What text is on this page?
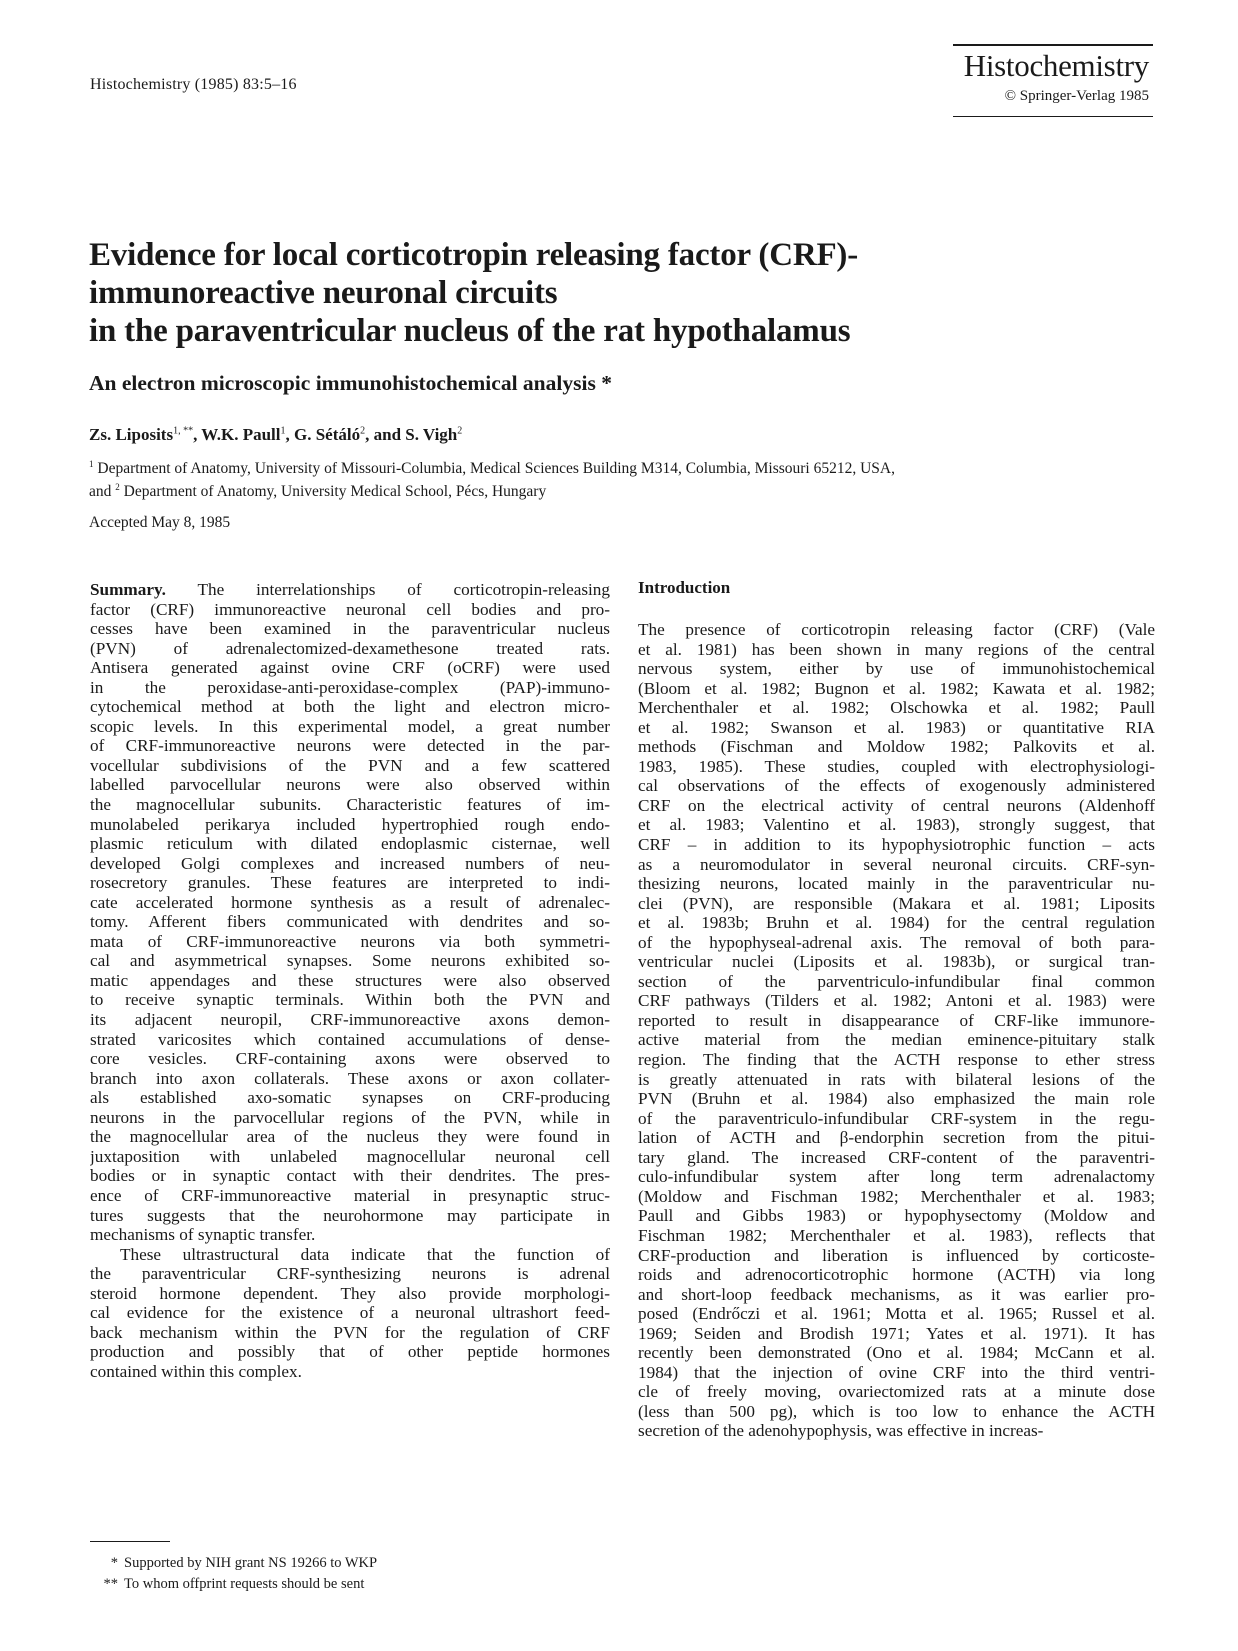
Histochemistry (1985) 83:5–16
Histochemistry
© Springer-Verlag 1985
Evidence for local corticotropin releasing factor (CRF)-
immunoreactive neuronal circuits
in the paraventricular nucleus of the rat hypothalamus
An electron microscopic immunohistochemical analysis *
Zs. Liposits$^{1, **}$, W.K. Paull$^1$, G. Sétáló$^2$, and S. Vigh$^2$
$^1$ Department of Anatomy, University of Missouri-Columbia, Medical Sciences Building M314, Columbia, Missouri 65212, USA,
and $^2$ Department of Anatomy, University Medical School, Pécs, Hungary
Accepted May 8, 1985
Summary. The interrelationships of corticotropin-releasing
factor (CRF) immunoreactive neuronal cell bodies and pro-
cesses have been examined in the paraventricular nucleus
(PVN) of adrenalectomized-dexamethesone treated rats.
Antisera generated against ovine CRF (oCRF) were used
in the peroxidase-anti-peroxidase-complex (PAP)-immuno-
cytochemical method at both the light and electron micro-
scopic levels. In this experimental model, a great number
of CRF-immunoreactive neurons were detected in the par-
vocellular subdivisions of the PVN and a few scattered
labelled parvocellular neurons were also observed within
the magnocellular subunits. Characteristic features of im-
munolabeled perikarya included hypertrophied rough endo-
plasmic reticulum with dilated endoplasmic cisternae, well
developed Golgi complexes and increased numbers of neu-
rosecretory granules. These features are interpreted to indi-
cate accelerated hormone synthesis as a result of adrenalec-
tomy. Afferent fibers communicated with dendrites and so-
mata of CRF-immunoreactive neurons via both symmetri-
cal and asymmetrical synapses. Some neurons exhibited so-
matic appendages and these structures were also observed
to receive synaptic terminals. Within both the PVN and
its adjacent neuropil, CRF-immunoreactive axons demon-
strated varicosites which contained accumulations of dense-
core vesicles. CRF-containing axons were observed to
branch into axon collaterals. These axons or axon collater-
als established axo-somatic synapses on CRF-producing
neurons in the parvocellular regions of the PVN, while in
the magnocellular area of the nucleus they were found in
juxtaposition with unlabeled magnocellular neuronal cell
bodies or in synaptic contact with their dendrites. The pres-
ence of CRF-immunoreactive material in presynaptic struc-
tures suggests that the neurohormone may participate in
mechanisms of synaptic transfer.
These ultrastructural data indicate that the function of
the paraventricular CRF-synthesizing neurons is adrenal
steroid hormone dependent. They also provide morphologi-
cal evidence for the existence of a neuronal ultrashort feed-
back mechanism within the PVN for the regulation of CRF
production and possibly that of other peptide hormones
contained within this complex.
Introduction
The presence of corticotropin releasing factor (CRF) (Vale
et al. 1981) has been shown in many regions of the central
nervous system, either by use of immunohistochemical
(Bloom et al. 1982; Bugnon et al. 1982; Kawata et al. 1982;
Merchenthaler et al. 1982; Olschowka et al. 1982; Paull
et al. 1982; Swanson et al. 1983) or quantitative RIA
methods (Fischman and Moldow 1982; Palkovits et al.
1983, 1985). These studies, coupled with electrophysiologi-
cal observations of the effects of exogenously administered
CRF on the electrical activity of central neurons (Aldenhoff
et al. 1983; Valentino et al. 1983), strongly suggest, that
CRF – in addition to its hypophysiotrophic function – acts
as a neuromodulator in several neuronal circuits. CRF-syn-
thesizing neurons, located mainly in the paraventricular nu-
clei (PVN), are responsible (Makara et al. 1981; Liposits
et al. 1983b; Bruhn et al. 1984) for the central regulation
of the hypophyseal-adrenal axis. The removal of both para-
ventricular nuclei (Liposits et al. 1983b), or surgical tran-
section of the parventriculo-infundibular final common
CRF pathways (Tilders et al. 1982; Antoni et al. 1983) were
reported to result in disappearance of CRF-like immunore-
active material from the median eminence-pituitary stalk
region. The finding that the ACTH response to ether stress
is greatly attenuated in rats with bilateral lesions of the
PVN (Bruhn et al. 1984) also emphasized the main role
of the paraventriculo-infundibular CRF-system in the regu-
lation of ACTH and β-endorphin secretion from the pitui-
tary gland. The increased CRF-content of the paraventri-
culo-infundibular system after long term adrenalactomy
(Moldow and Fischman 1982; Merchenthaler et al. 1983;
Paull and Gibbs 1983) or hypophysectomy (Moldow and
Fischman 1982; Merchenthaler et al. 1983), reflects that
CRF-production and liberation is influenced by corticoste-
roids and adrenocorticotrophic hormone (ACTH) via long
and short-loop feedback mechanisms, as it was earlier pro-
posed (Endrőczi et al. 1961; Motta et al. 1965; Russel et al.
1969; Seiden and Brodish 1971; Yates et al. 1971). It has
recently been demonstrated (Ono et al. 1984; McCann et al.
1984) that the injection of ovine CRF into the third ventri-
cle of freely moving, ovariectomized rats at a minute dose
(less than 500 pg), which is too low to enhance the ACTH
secretion of the adenohypophysis, was effective in increas-
* Supported by NIH grant NS 19266 to WKP
** To whom offprint requests should be sent
